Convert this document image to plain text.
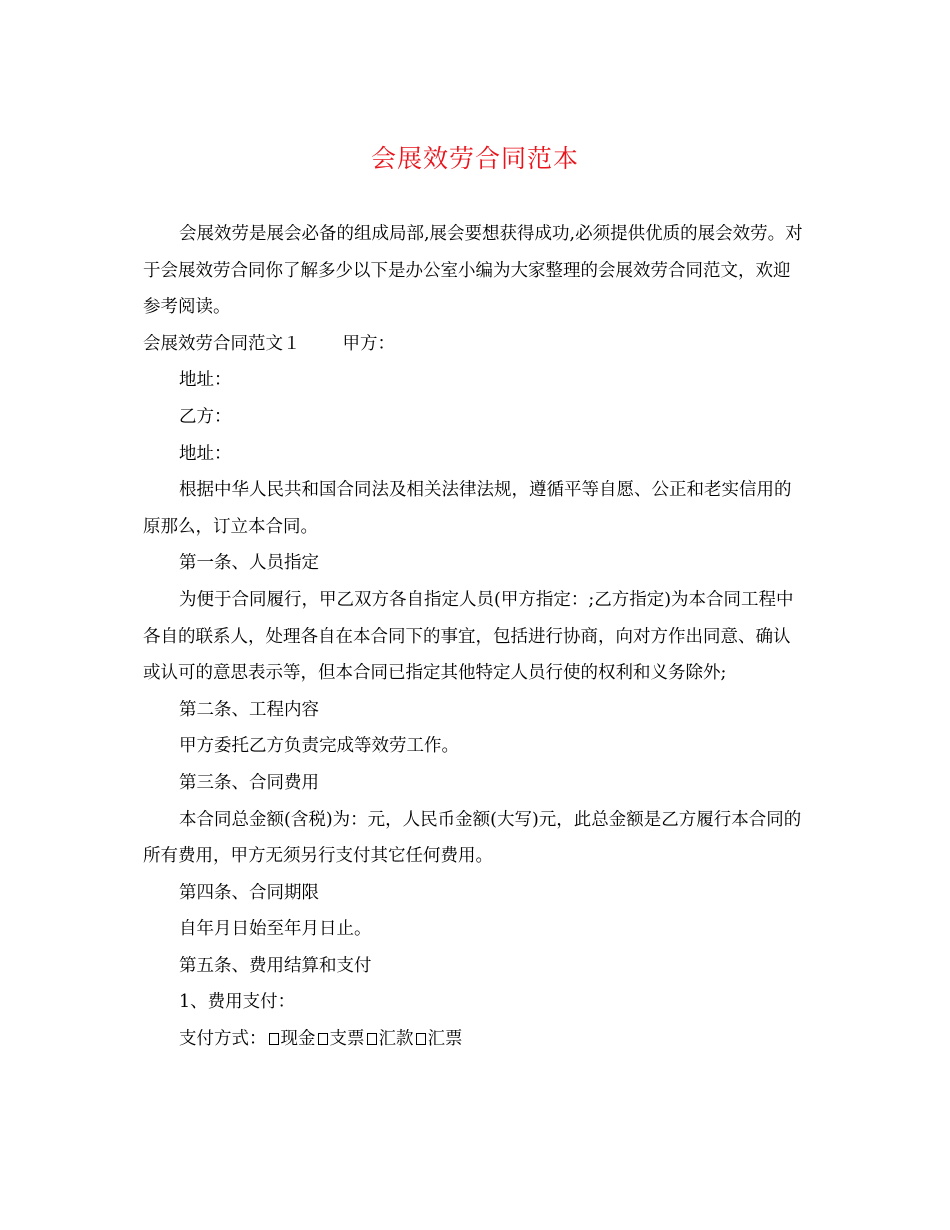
会展效劳合同范本

会展效劳是展会必备的组成局部,展会要想获得成功,必须提供优质的展会效劳。对于会展效劳合同你了解多少以下是办公室小编为大家整理的会展效劳合同范文，欢迎参考阅读。

会展效劳合同范文１ 甲方：

地址：

乙方：

地址：

根据中华人民共和国合同法及相关法律法规，遵循平等自愿、公正和老实信用的原那么，订立本合同。

第一条、人员指定

为便于合同履行，甲乙双方各自指定人员(甲方指定：;乙方指定)为本合同工程中各自的联系人，处理各自在本合同下的事宜，包括进行协商，向对方作出同意、确认或认可的意思表示等，但本合同已指定其他特定人员行使的权利和义务除外;

第二条、工程内容

甲方委托乙方负责完成等效劳工作。

第三条、合同费用

本合同总金额(含税)为：元，人民币金额(大写)元，此总金额是乙方履行本合同的所有费用，甲方无须另行支付其它任何费用。

第四条、合同期限

自年月日始至年月日止。

第五条、费用结算和支付

1、费用支付：

支付方式： 现金 支票 汇款 汇票
